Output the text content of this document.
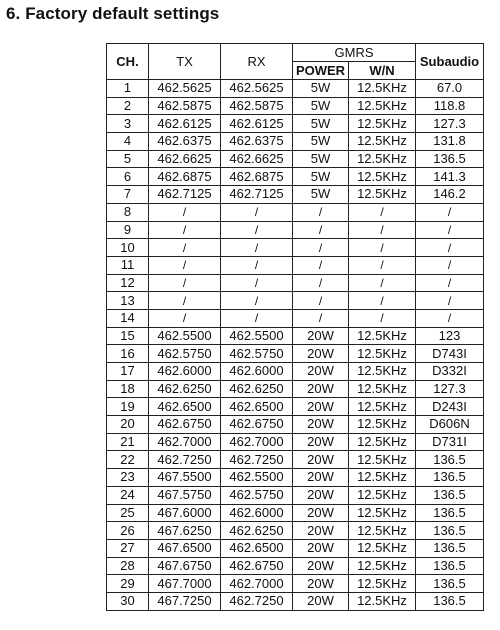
6. Factory default settings
CH.	TX	RX	GMRS		Subaudio
			POWER	W/N	
1	462.5625	462.5625	5W	12.5KHz	67.0
2	462.5875	462.5875	5W	12.5KHz	118.8
3	462.6125	462.6125	5W	12.5KHz	127.3
4	462.6375	462.6375	5W	12.5KHz	131.8
5	462.6625	462.6625	5W	12.5KHz	136.5
6	462.6875	462.6875	5W	12.5KHz	141.3
7	462.7125	462.7125	5W	12.5KHz	146.2
8	/	/	/	/	/
9	/	/	/	/	/
10	/	/	/	/	/
11	/	/	/	/	/
12	/	/	/	/	/
13	/	/	/	/	/
14	/	/	/	/	/
15	462.5500	462.5500	20W	12.5KHz	123
16	462.5750	462.5750	20W	12.5KHz	D743I
17	462.6000	462.6000	20W	12.5KHz	D332I
18	462.6250	462.6250	20W	12.5KHz	127.3
19	462.6500	462.6500	20W	12.5KHz	D243I
20	462.6750	462.6750	20W	12.5KHz	D606N
21	462.7000	462.7000	20W	12.5KHz	D731I
22	462.7250	462.7250	20W	12.5KHz	136.5
23	467.5500	462.5500	20W	12.5KHz	136.5
24	467.5750	462.5750	20W	12.5KHz	136.5
25	467.6000	462.6000	20W	12.5KHz	136.5
26	467.6250	462.6250	20W	12.5KHz	136.5
27	467.6500	462.6500	20W	12.5KHz	136.5
28	467.6750	462.6750	20W	12.5KHz	136.5
29	467.7000	462.7000	20W	12.5KHz	136.5
30	467.7250	462.7250	20W	12.5KHz	136.5
